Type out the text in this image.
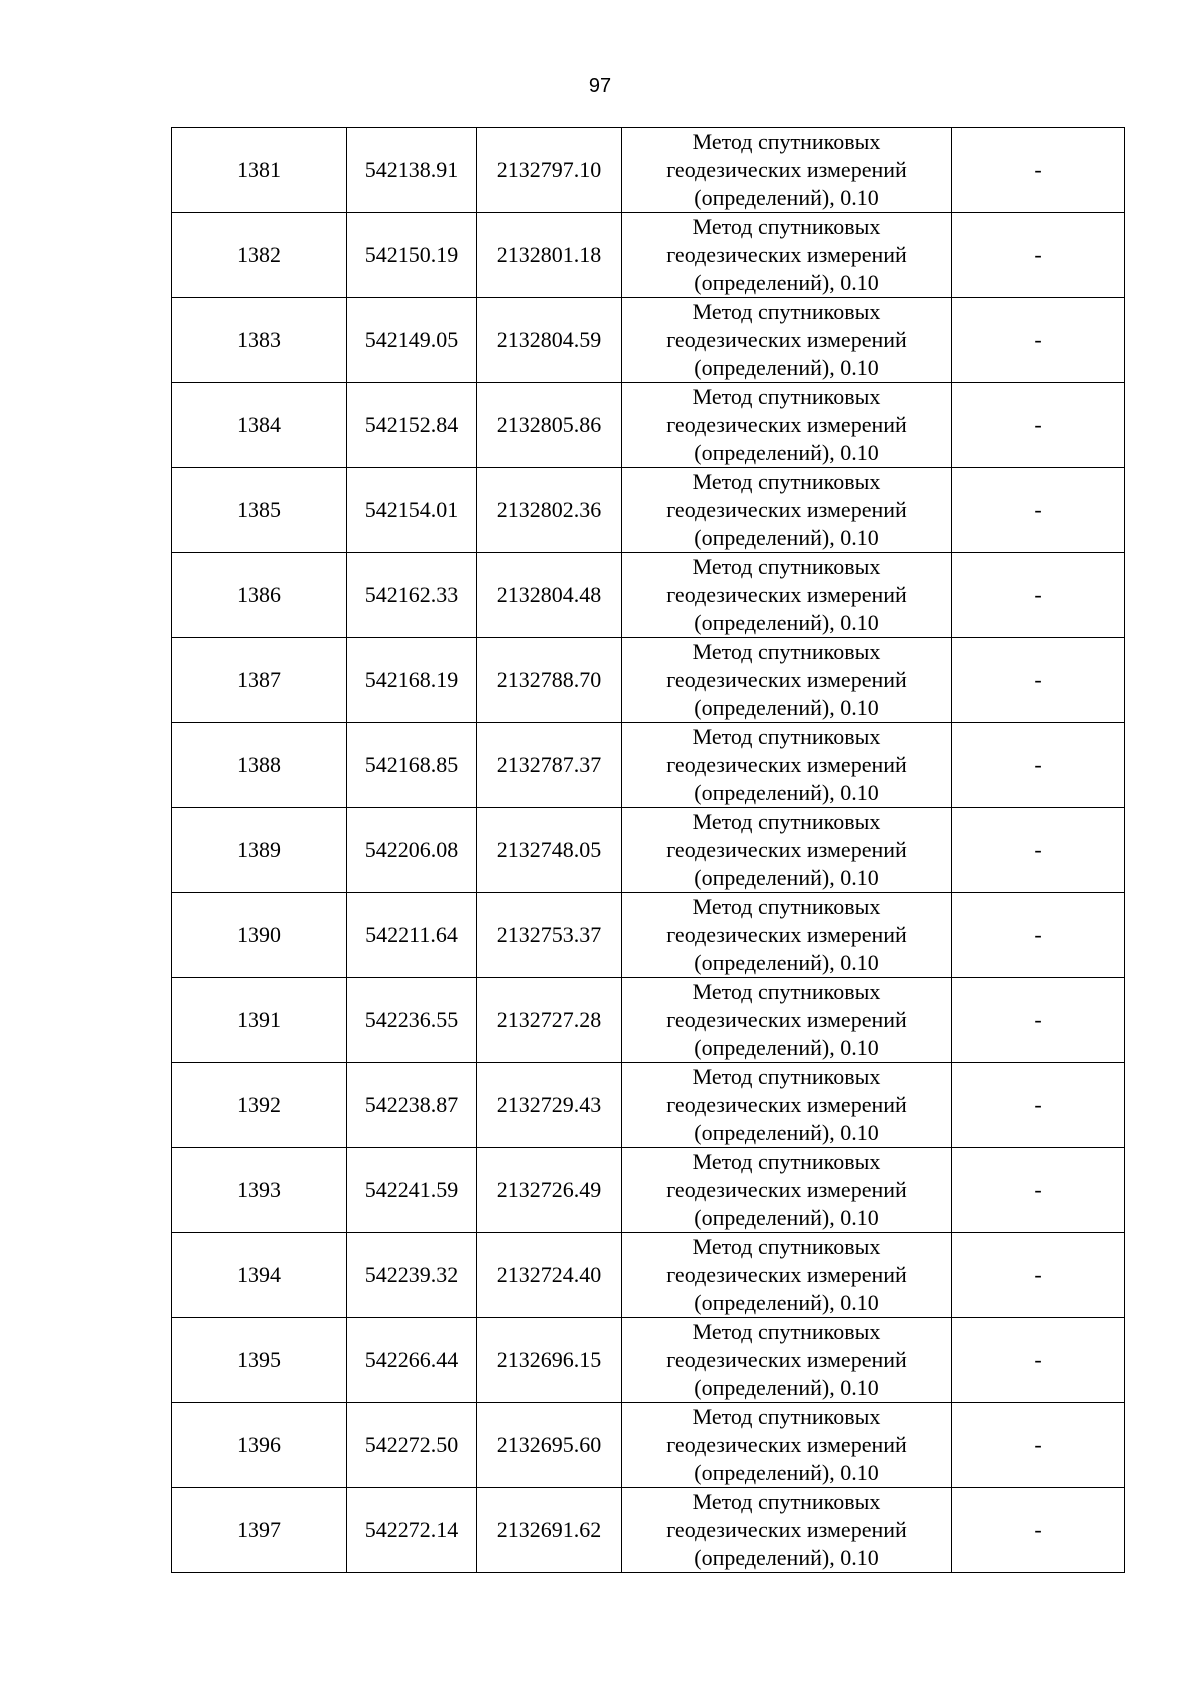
97
1381	542138.91	2132797.10	Метод спутниковых
геодезических измерений
(определений), 0.10	-
1382	542150.19	2132801.18	Метод спутниковых
геодезических измерений
(определений), 0.10	-
1383	542149.05	2132804.59	Метод спутниковых
геодезических измерений
(определений), 0.10	-
1384	542152.84	2132805.86	Метод спутниковых
геодезических измерений
(определений), 0.10	-
1385	542154.01	2132802.36	Метод спутниковых
геодезических измерений
(определений), 0.10	-
1386	542162.33	2132804.48	Метод спутниковых
геодезических измерений
(определений), 0.10	-
1387	542168.19	2132788.70	Метод спутниковых
геодезических измерений
(определений), 0.10	-
1388	542168.85	2132787.37	Метод спутниковых
геодезических измерений
(определений), 0.10	-
1389	542206.08	2132748.05	Метод спутниковых
геодезических измерений
(определений), 0.10	-
1390	542211.64	2132753.37	Метод спутниковых
геодезических измерений
(определений), 0.10	-
1391	542236.55	2132727.28	Метод спутниковых
геодезических измерений
(определений), 0.10	-
1392	542238.87	2132729.43	Метод спутниковых
геодезических измерений
(определений), 0.10	-
1393	542241.59	2132726.49	Метод спутниковых
геодезических измерений
(определений), 0.10	-
1394	542239.32	2132724.40	Метод спутниковых
геодезических измерений
(определений), 0.10	-
1395	542266.44	2132696.15	Метод спутниковых
геодезических измерений
(определений), 0.10	-
1396	542272.50	2132695.60	Метод спутниковых
геодезических измерений
(определений), 0.10	-
1397	542272.14	2132691.62	Метод спутниковых
геодезических измерений
(определений), 0.10	-
